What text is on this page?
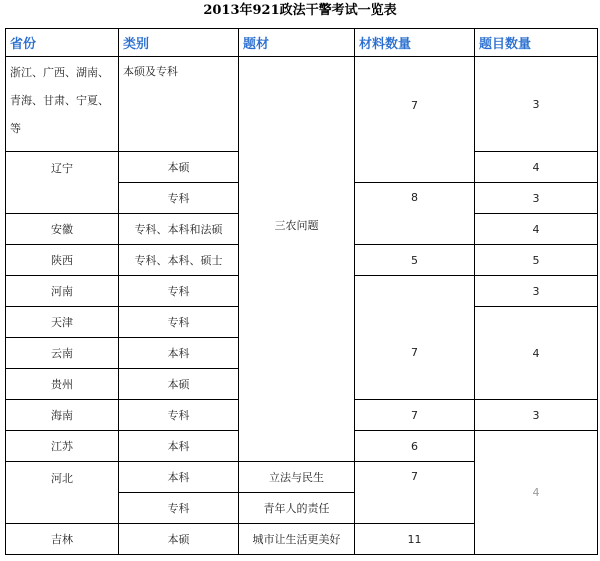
2013年921政法干警考试一览表
省份	类别	题材	材料数量	题目数量
浙江、广西、湖南、青海、甘肃、宁夏、等	本硕及专科	三农问题	7	3
辽宁	本硕			4
	专科		8	3
安徽	专科、本科和法硕			4
陕西	专科、本科、硕士		5	5
河南	专科		7	3
天津	专科			4
云南	本科			
贵州	本硕			
海南	专科		7	3
江苏	本科		6	4
河北	本科	立法与民生	7	
	专科	青年人的责任		
吉林	本硕	城市让生活更美好	11	
